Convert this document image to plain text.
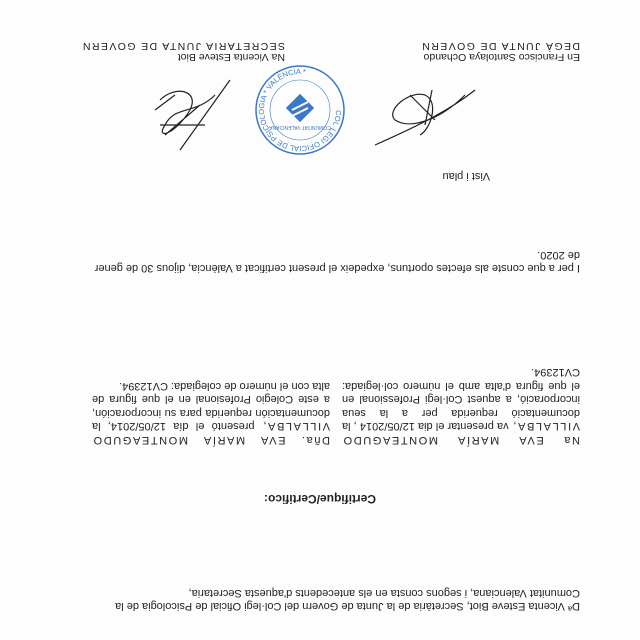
Dª Vicenta Esteve Biot, Secretària de la Junta de Govern del Col·legi Oficial de Psicologia de la Comunitat Valenciana, i segons consta en els antecedents d'aquesta Secretaria,

Certifique/Certifico:

Na EVA MARÍA MONTEAGUDO VILLALBA, va presentar el dia 12/05/2014 , la documentació requerida per a la seua incorporació, a aquest Col·legi Professional en el que figura d'alta amb el número col·legiada: CV12394.
Dña. EVA MARÍA MONTEAGUDO VILLALBA, presentó el día 12/05/2014, la documentación requerida para su incorporación, a este Colegio Profesional en el que figura de alta con el número de colegiada: CV12394.

I per a que conste als efectes oportuns, expedeix el present certificat a València, dijous 30 de gener de 2020.

Vist i plau

COL·LEGI OFICIAL DE PSICOLOGIA * VALÈNCIA *
COMUNITAT VALENCIANA
En Francisco Santolaya Ochando
DEGÀ JUNTA DE GOVERN
Na Vicenta Esteve Biot
SECRETARIA JUNTA DE GOVERN
